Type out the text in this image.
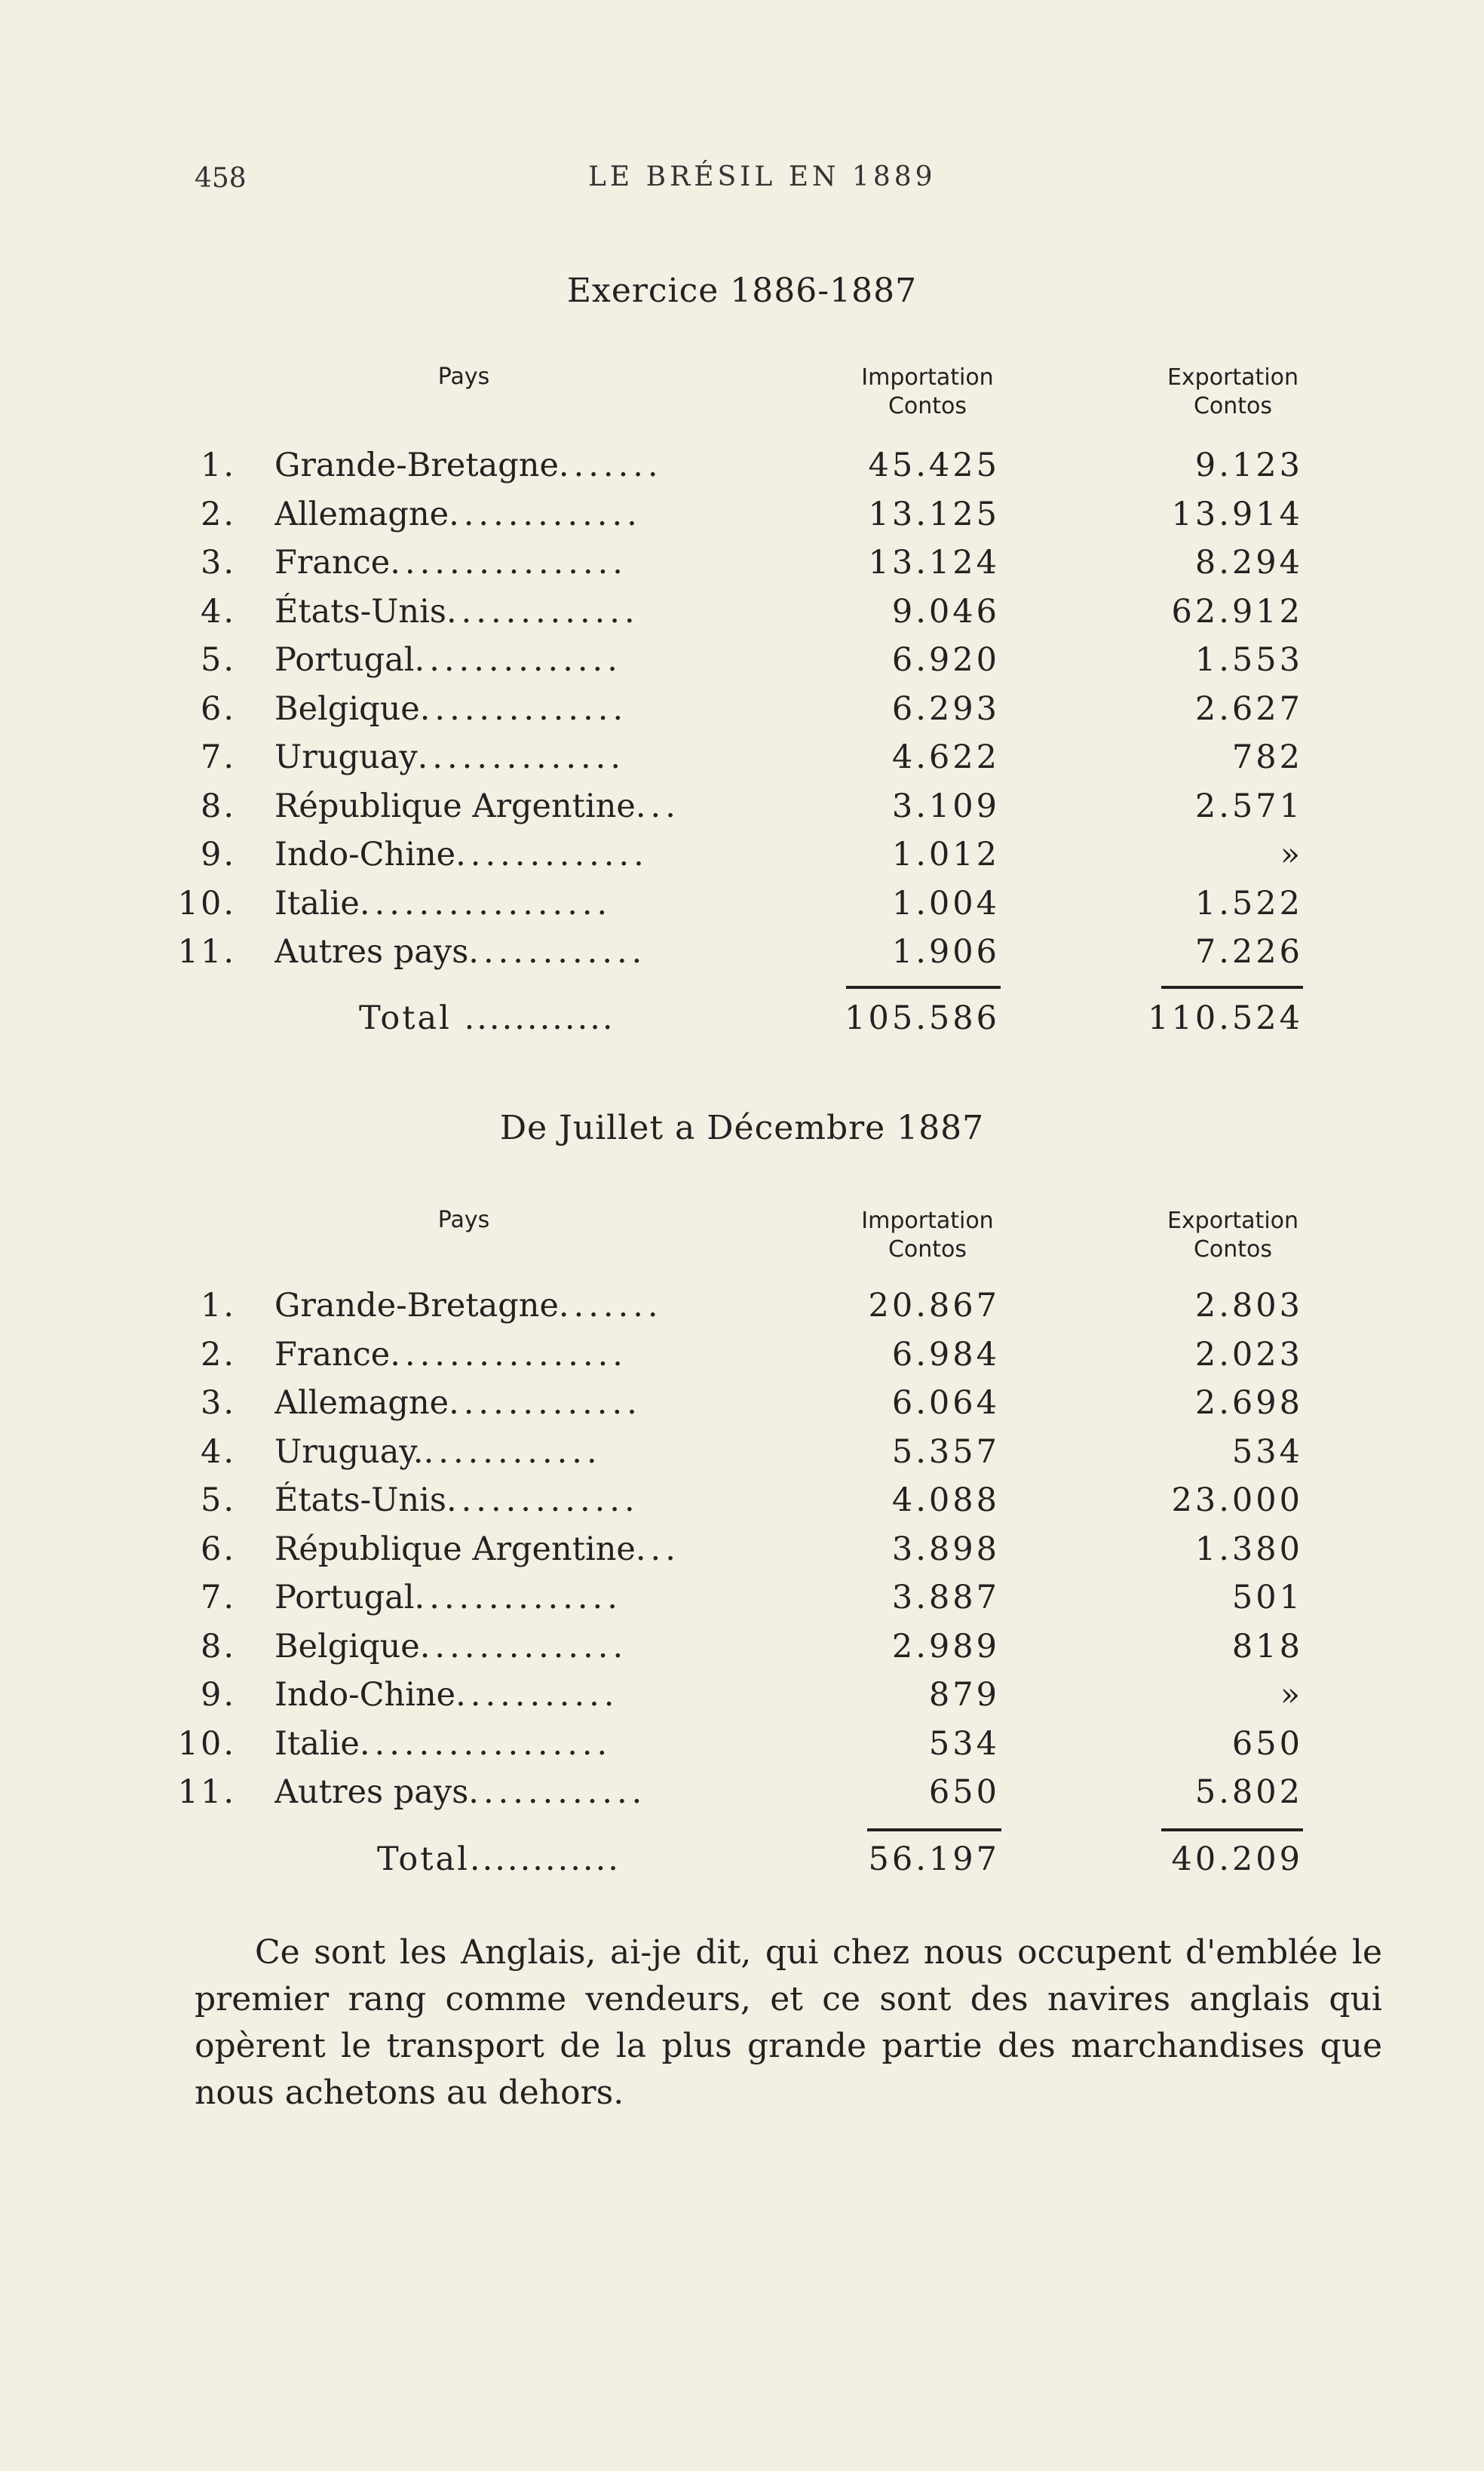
458	LE BRÉSIL EN 1889
Exercice 1886-1887
Pays	Importation
Contos
Exportation
Contos
1. Grande-Bretagne.......	45.425	9.123
2. Allemagne.............	13.125	13.914
3. France................	13.124	8.294
4. États-Unis.............	9.046	62.912
5. Portugal..............	6.920	1.553
6. Belgique..............	6.293	2.627
7. Uruguay..............	4.622	782
8. République Argentine...	3.109	2.571
9. Indo-Chine.............	1.012	»
10. Italie.................	1.004	1.522
11. Autres pays............	1.906	7.226
Total ............	105.586	110.524
De Juillet a Décembre 1887
Pays	Importation
Contos
Exportation
Contos
1. Grande-Bretagne.......	20.867	2.803
2. France................	6.984	2.023
3. Allemagne.............	6.064	2.698
4. Uruguay.............	5.357	534
5. États-Unis.............	4.088	23.000
6. République Argentine...	3.898	1.380
7. Portugal..............	3.887	501
8. Belgique..............	2.989	818
9. Indo-Chine...........	879	»
10. Italie.................	534	650
11. Autres pays............	650	5.802
Total............	56.197	40.209

Ce sont les Anglais, ai-je dit, qui chez nous occupent d'emblée le premier rang comme vendeurs, et ce sont des navires anglais qui opèrent le transport de la plus grande partie des marchandises que nous achetons au dehors.
